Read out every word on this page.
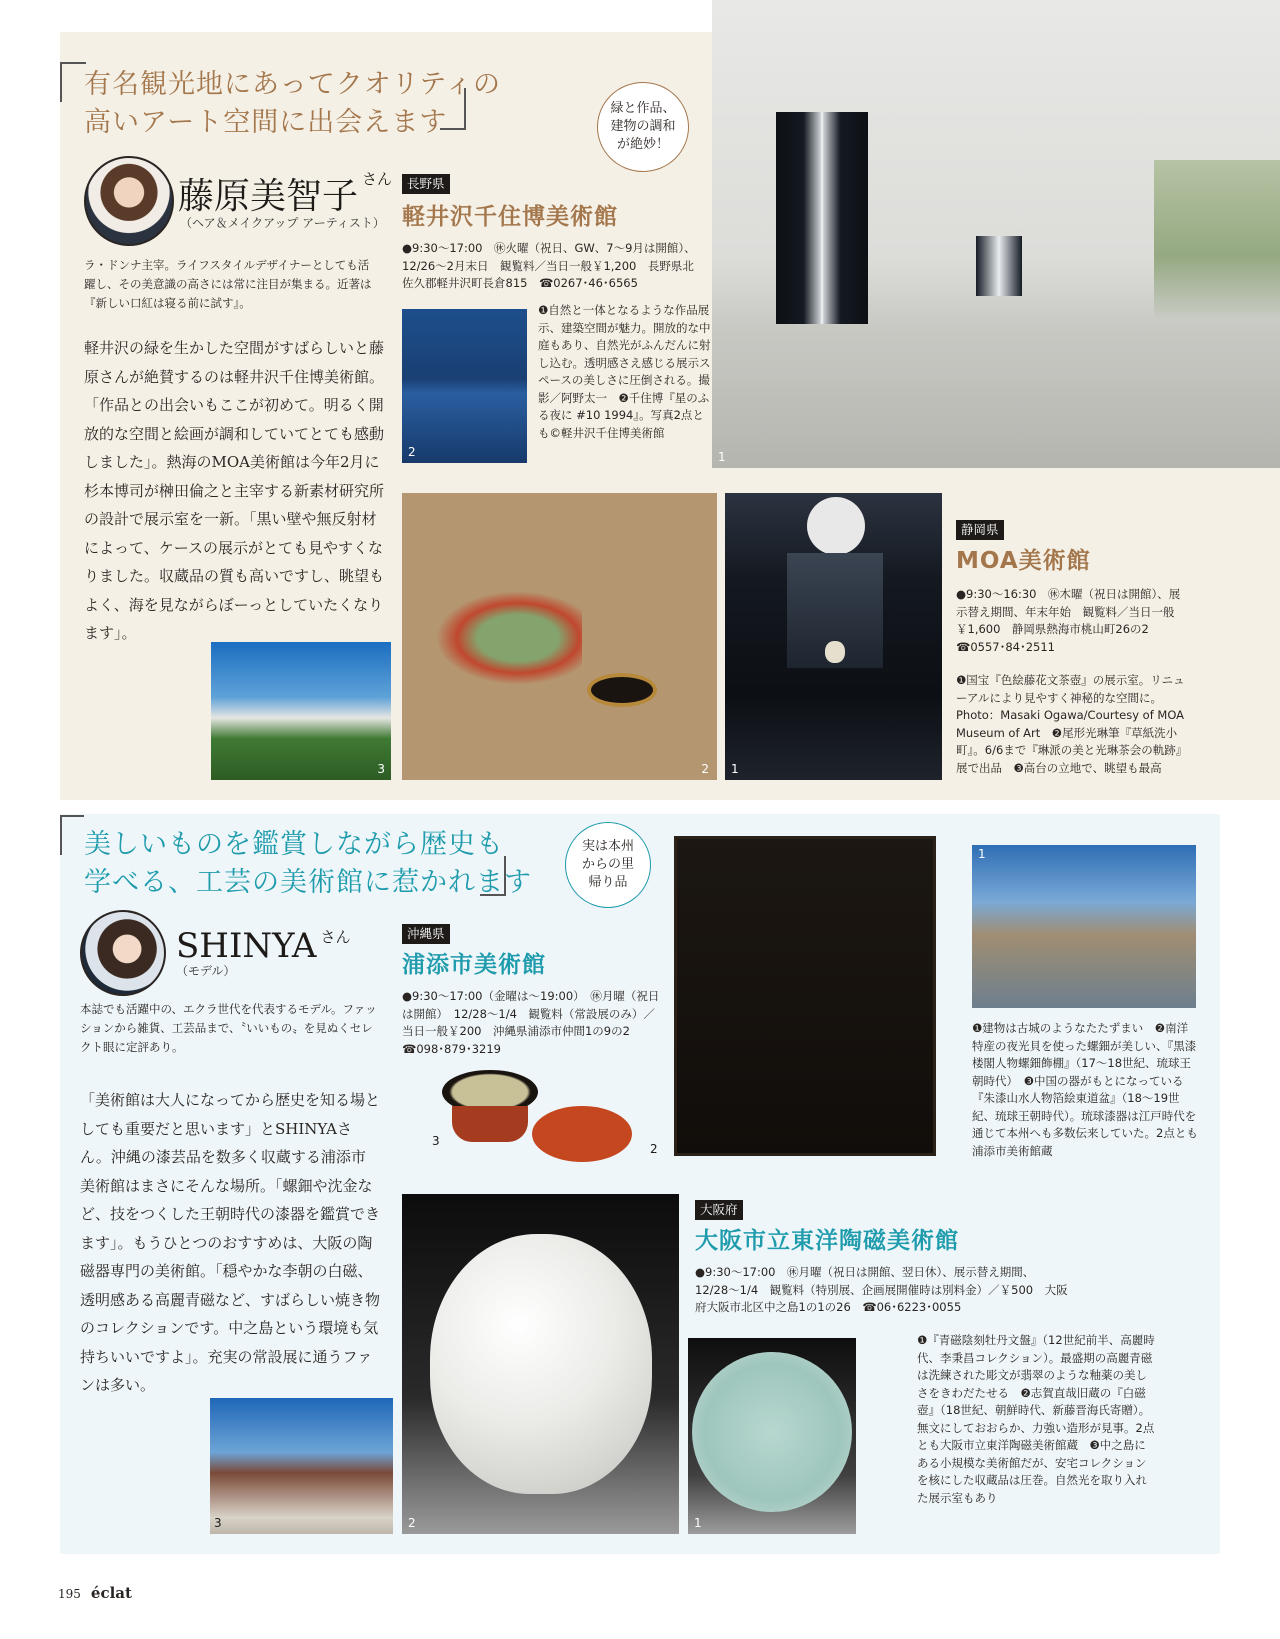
有名観光地にあってクオリティの
高いアート空間に出会えます
藤原美智子 $^{さん}$
（ヘア＆メイクアップ アーティスト）
ラ・ドンナ主宰。ライフスタイルデザイナーとしても活躍し、その美意識の高さには常に注目が集まる。近著は『新しい口紅は寝る前に試す』。
軽井沢の緑を生かした空間がすばらしいと藤原さんが絶賛するのは軽井沢千住博美術館。「作品との出会いもここが初めて。明るく開放的な空間と絵画が調和していてとても感動しました」。熱海のMOA美術館は今年2月に杉本博司が榊田倫之と主宰する新素材研究所の設計で展示室を一新。「黒い壁や無反射材によって、ケースの展示がとても見やすくなりました。収蔵品の質も高いですし、眺望もよく、海を見ながらぼーっとしていたくなります」。
緑と作品、建物の調和が絶妙！
長野県
軽井沢千住博美術館
●9:30〜17:00　㊡火曜（祝日、GW、7〜9月は開館）、12/26〜2月末日　観覧料／当日一般￥1,200　長野県北佐久郡軽井沢町長倉815　☎0267･46･6565
2
❶自然と一体となるような作品展示、建築空間が魅力。開放的な中庭もあり、自然光がふんだんに射し込む。透明感さえ感じる展示スペースの美しさに圧倒される。撮影／阿野太一　❷千住博『星のふる夜に #10 1994』。写真2点とも©軽井沢千住博美術館
1
3	2 1
静岡県
MOA美術館
●9:30〜16:30　㊡木曜（祝日は開館）、展示替え期間、年末年始　観覧料／当日一般￥1,600　静岡県熱海市桃山町26の2　☎0557･84･2511
❶国宝『色絵藤花文茶壺』の展示室。リニューアルにより見やすく神秘的な空間に。Photo：Masaki Ogawa/Courtesy of MOA Museum of Art　❷尾形光琳筆『草紙洗小町』。6/6まで『琳派の美と光琳茶会の軌跡』展で出品　❸高台の立地で、眺望も最高
美しいものを鑑賞しながら歴史も
学べる、工芸の美術館に惹かれます
SHINYA $^{さん}$
（モデル）
本誌でも活躍中の、エクラ世代を代表するモデル。ファッションから雑貨、工芸品まで、〝いいもの〟を見ぬくセレクト眼に定評あり。
「美術館は大人になってから歴史を知る場としても重要だと思います」とSHINYAさん。沖縄の漆芸品を数多く収蔵する浦添市美術館はまさにそんな場所。「螺鈿や沈金など、技をつくした王朝時代の漆器を鑑賞できます」。もうひとつのおすすめは、大阪の陶磁器専門の美術館。「穏やかな李朝の白磁、透明感ある高麗青磁など、すばらしい焼き物のコレクションです。中之島という環境も気持ちいいですよ」。充実の常設展に通うファンは多い。
実は本州からの里帰り品
沖縄県
浦添市美術館
●9:30〜17:00（金曜は〜19:00）　㊡月曜（祝日は開館）　12/28〜1/4　観覧料（常設展のみ）／当日一般￥200　沖縄県浦添市仲間1の9の2　☎098･879･3219
3
2
1
❶建物は古城のようなたたずまい　❷南洋特産の夜光貝を使った螺鈿が美しい、『黒漆楼閣人物螺鈿飾棚』（17〜18世紀、琉球王朝時代）　❸中国の器がもとになっている『朱漆山水人物箔絵東道盆』（18〜19世紀、琉球王朝時代）。琉球漆器は江戸時代を通じて本州へも多数伝来していた。2点とも浦添市美術館蔵
大阪府
大阪市立東洋陶磁美術館
●9:30〜17:00　㊡月曜（祝日は開館、翌日休）、展示替え期間、12/28〜1/4　観覧料（特別展、企画展開催時は別料金）／￥500　大阪府大阪市北区中之島1の1の26　☎06･6223･0055
3	2	1
❶『青磁陰刻牡丹文盤』（12世紀前半、高麗時代、李秉昌コレクション）。最盛期の高麗青磁は洗練された彫文が翡翠のような釉薬の美しさをきわだたせる　❷志賀直哉旧蔵の『白磁壺』（18世紀、朝鮮時代、新藤晋海氏寄贈）。無文にしておおらか、力強い造形が見事。2点とも大阪市立東洋陶磁美術館蔵　❸中之島にある小規模な美術館だが、安宅コレクションを核にした収蔵品は圧巻。自然光を取り入れた展示室もあり
195 éclat
